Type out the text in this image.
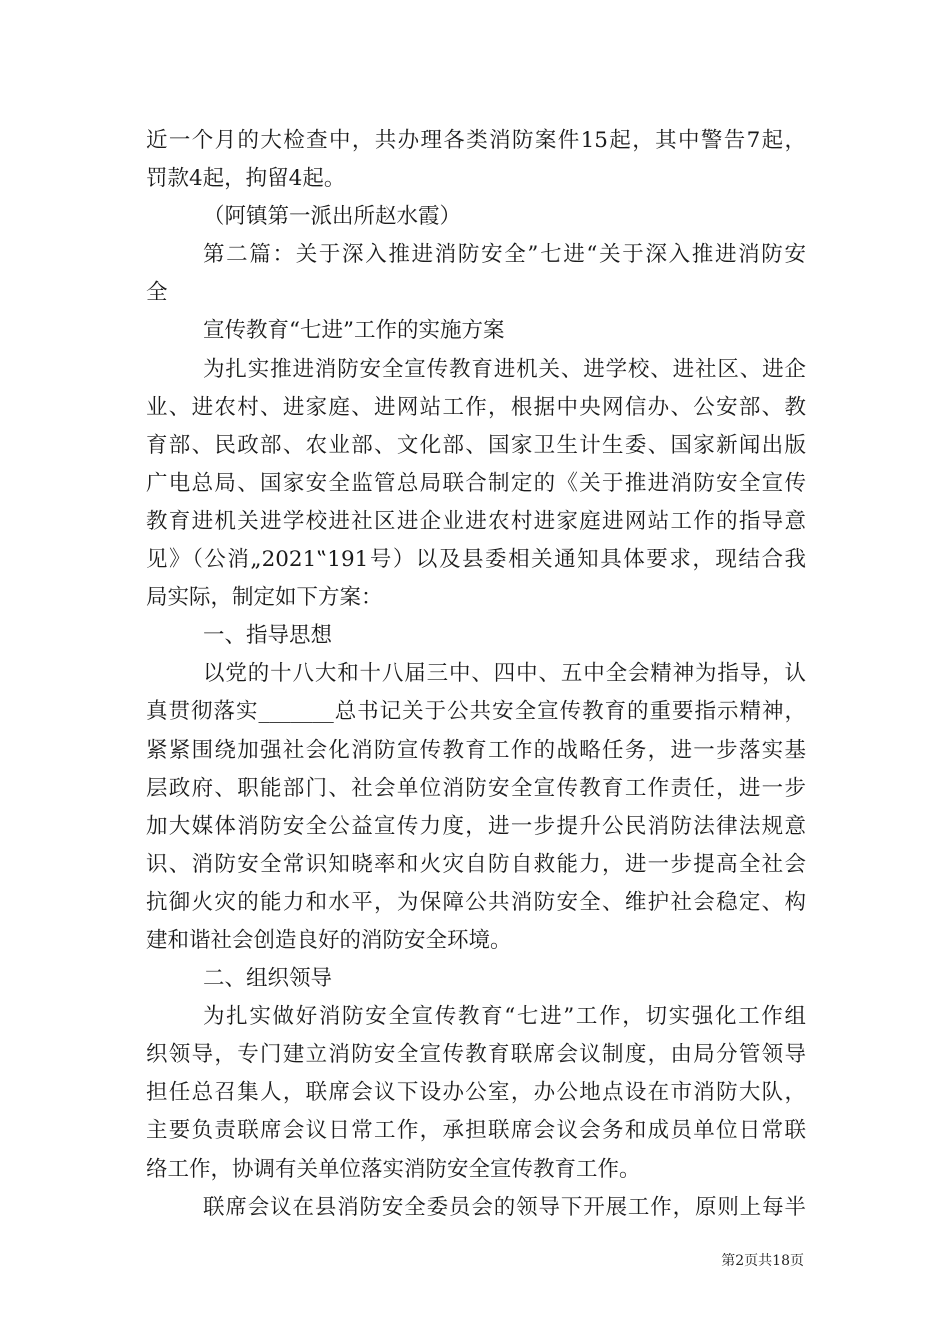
近一个月的大检查中，共办理各类消防案件15起，其中警告7起，
罚款4起，拘留4起。
（阿镇第一派出所赵水霞）
第二篇：关于深入推进消防安全”七进“关于深入推进消防安
全
宣传教育“七进”工作的实施方案
为扎实推进消防安全宣传教育进机关、进学校、进社区、进企
业、进农村、进家庭、进网站工作，根据中央网信办、公安部、教
育部、民政部、农业部、文化部、国家卫生计生委、国家新闻出版
广电总局、国家安全监管总局联合制定的《关于推进消防安全宣传
教育进机关进学校进社区进企业进农村进家庭进网站工作的指导意
见》（公消„2021‟191号）以及县委相关通知具体要求，现结合我
局实际，制定如下方案：
一、指导思想
以党的十八大和十八届三中、四中、五中全会精神为指导，认
真贯彻落实_______总书记关于公共安全宣传教育的重要指示精神，
紧紧围绕加强社会化消防宣传教育工作的战略任务，进一步落实基
层政府、职能部门、社会单位消防安全宣传教育工作责任，进一步
加大媒体消防安全公益宣传力度，进一步提升公民消防法律法规意
识、消防安全常识知晓率和火灾自防自救能力，进一步提高全社会
抗御火灾的能力和水平，为保障公共消防安全、维护社会稳定、构
建和谐社会创造良好的消防安全环境。
二、组织领导
为扎实做好消防安全宣传教育“七进”工作，切实强化工作组
织领导，专门建立消防安全宣传教育联席会议制度，由局分管领导
担任总召集人，联席会议下设办公室，办公地点设在市消防大队，
主要负责联席会议日常工作，承担联席会议会务和成员单位日常联
络工作，协调有关单位落实消防安全宣传教育工作。
联席会议在县消防安全委员会的领导下开展工作，原则上每半
第2页共18页
